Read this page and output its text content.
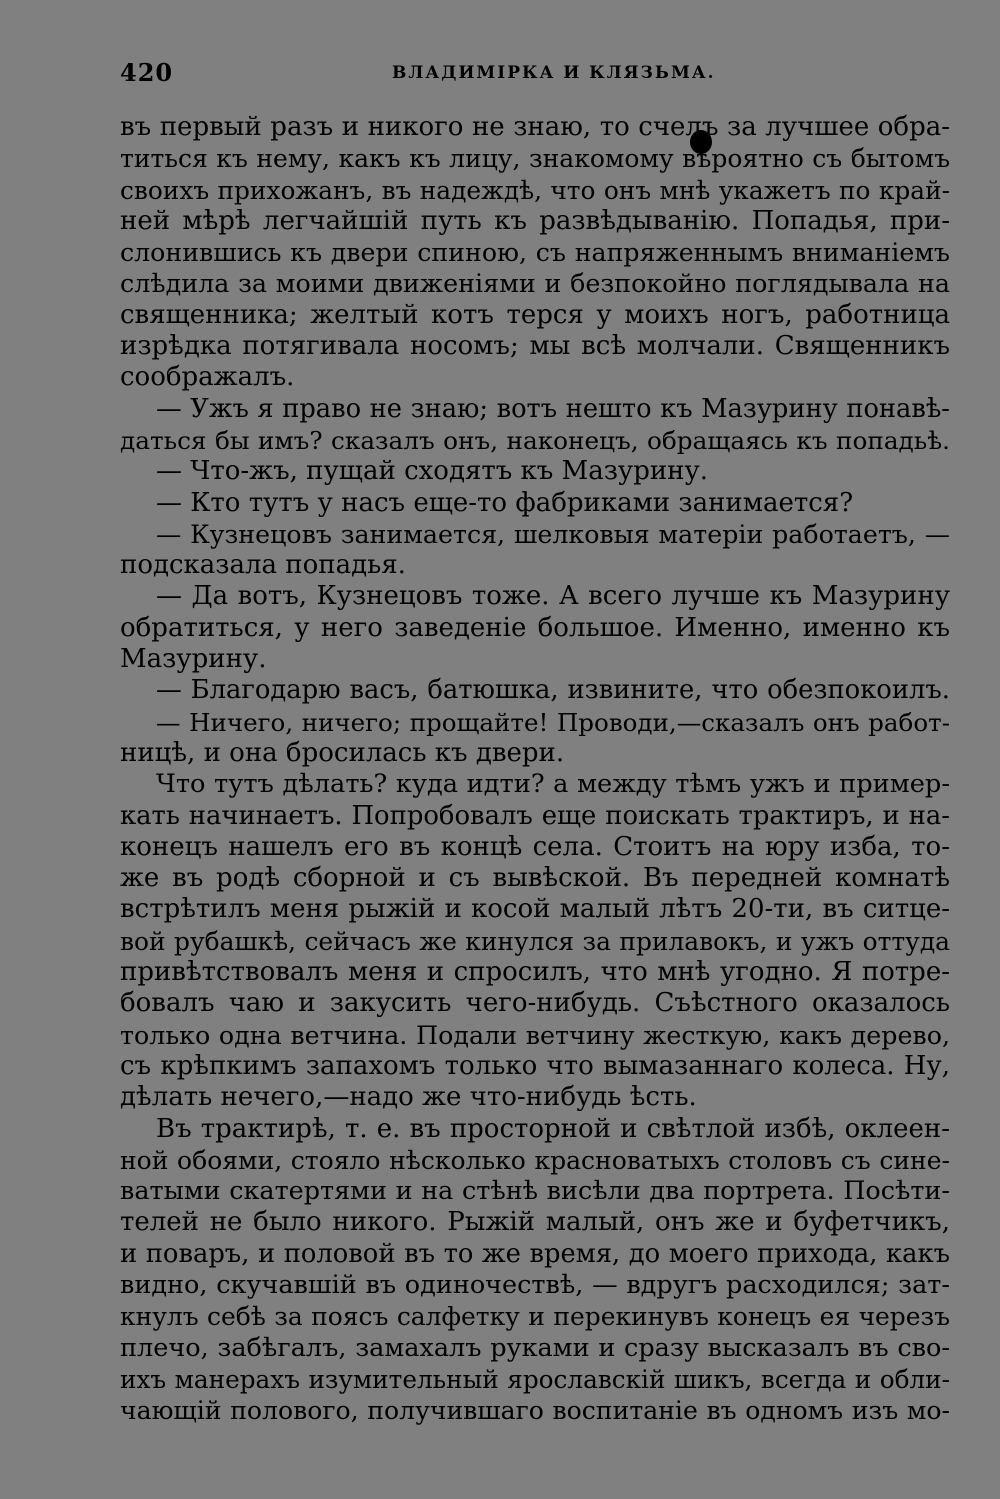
420	ВЛАДИМІРКА И КЛЯЗЬМА.
въ первый разъ и никого не знаю, то счелъ за лучшее обра-
титься къ нему, какъ къ лицу, знакомому вѣроятно съ бытомъ
своихъ прихожанъ, въ надеждѣ, что онъ мнѣ укажетъ по край-
ней мѣрѣ легчайшій путь къ развѣдыванію. Попадья, при-
слонившись къ двери спиною, съ напряженнымъ вниманіемъ
слѣдила за моими движеніями и безпокойно поглядывала на
священника; желтый котъ терся у моихъ ногъ, работница
изрѣдка потягивала носомъ; мы всѣ молчали. Священникъ
соображалъ.
— Ужъ я право не знаю; вотъ нешто къ Мазурину понавѣ-
даться бы имъ? сказалъ онъ, наконецъ, обращаясь къ попадьѣ.
— Что-жъ, пущай сходятъ къ Мазурину.
— Кто тутъ у насъ еще-то фабриками занимается?
— Кузнецовъ занимается, шелковыя матеріи работаетъ, —
подсказала попадья.
— Да вотъ, Кузнецовъ тоже. А всего лучше къ Мазурину
обратиться, у него заведеніе большое. Именно, именно къ
Мазурину.
— Благодарю васъ, батюшка, извините, что обезпокоилъ.
— Ничего, ничего; прощайте! Проводи,—сказалъ онъ работ-
ницѣ, и она бросилась къ двери.
Что тутъ дѣлать? куда идти? а между тѣмъ ужъ и пример-
кать начинаетъ. Попробовалъ еще поискать трактиръ, и на-
конецъ нашелъ его въ концѣ села. Стоитъ на юру изба, то-
же въ родѣ сборной и съ вывѣской. Въ передней комнатѣ
встрѣтилъ меня рыжій и косой малый лѣтъ 20-ти, въ ситце-
вой рубашкѣ, сейчасъ же кинулся за прилавокъ, и ужъ оттуда
привѣтствовалъ меня и спросилъ, что мнѣ угодно. Я потре-
бовалъ чаю и закусить чего-нибудь. Съѣстного оказалось
только одна ветчина. Подали ветчину жесткую, какъ дерево,
съ крѣпкимъ запахомъ только что вымазаннаго колеса. Ну,
дѣлать нечего,—надо же что-нибудь ѣсть.
Въ трактирѣ, т. е. въ просторной и свѣтлой избѣ, оклеен-
ной обоями, стояло нѣсколько красноватыхъ столовъ съ сине-
ватыми скатертями и на стѣнѣ висѣли два портрета. Посѣти-
телей не было никого. Рыжій малый, онъ же и буфетчикъ,
и поваръ, и половой въ то же время, до моего прихода, какъ
видно, скучавшій въ одиночествѣ, — вдругъ расходился; зат-
кнулъ себѣ за поясъ салфетку и перекинувъ конецъ ея черезъ
плечо, забѣгалъ, замахалъ руками и сразу высказалъ въ сво-
ихъ манерахъ изумительный ярославскій шикъ, всегда и обли-
чающій полового, получившаго воспитаніе въ одномъ изъ мо-
